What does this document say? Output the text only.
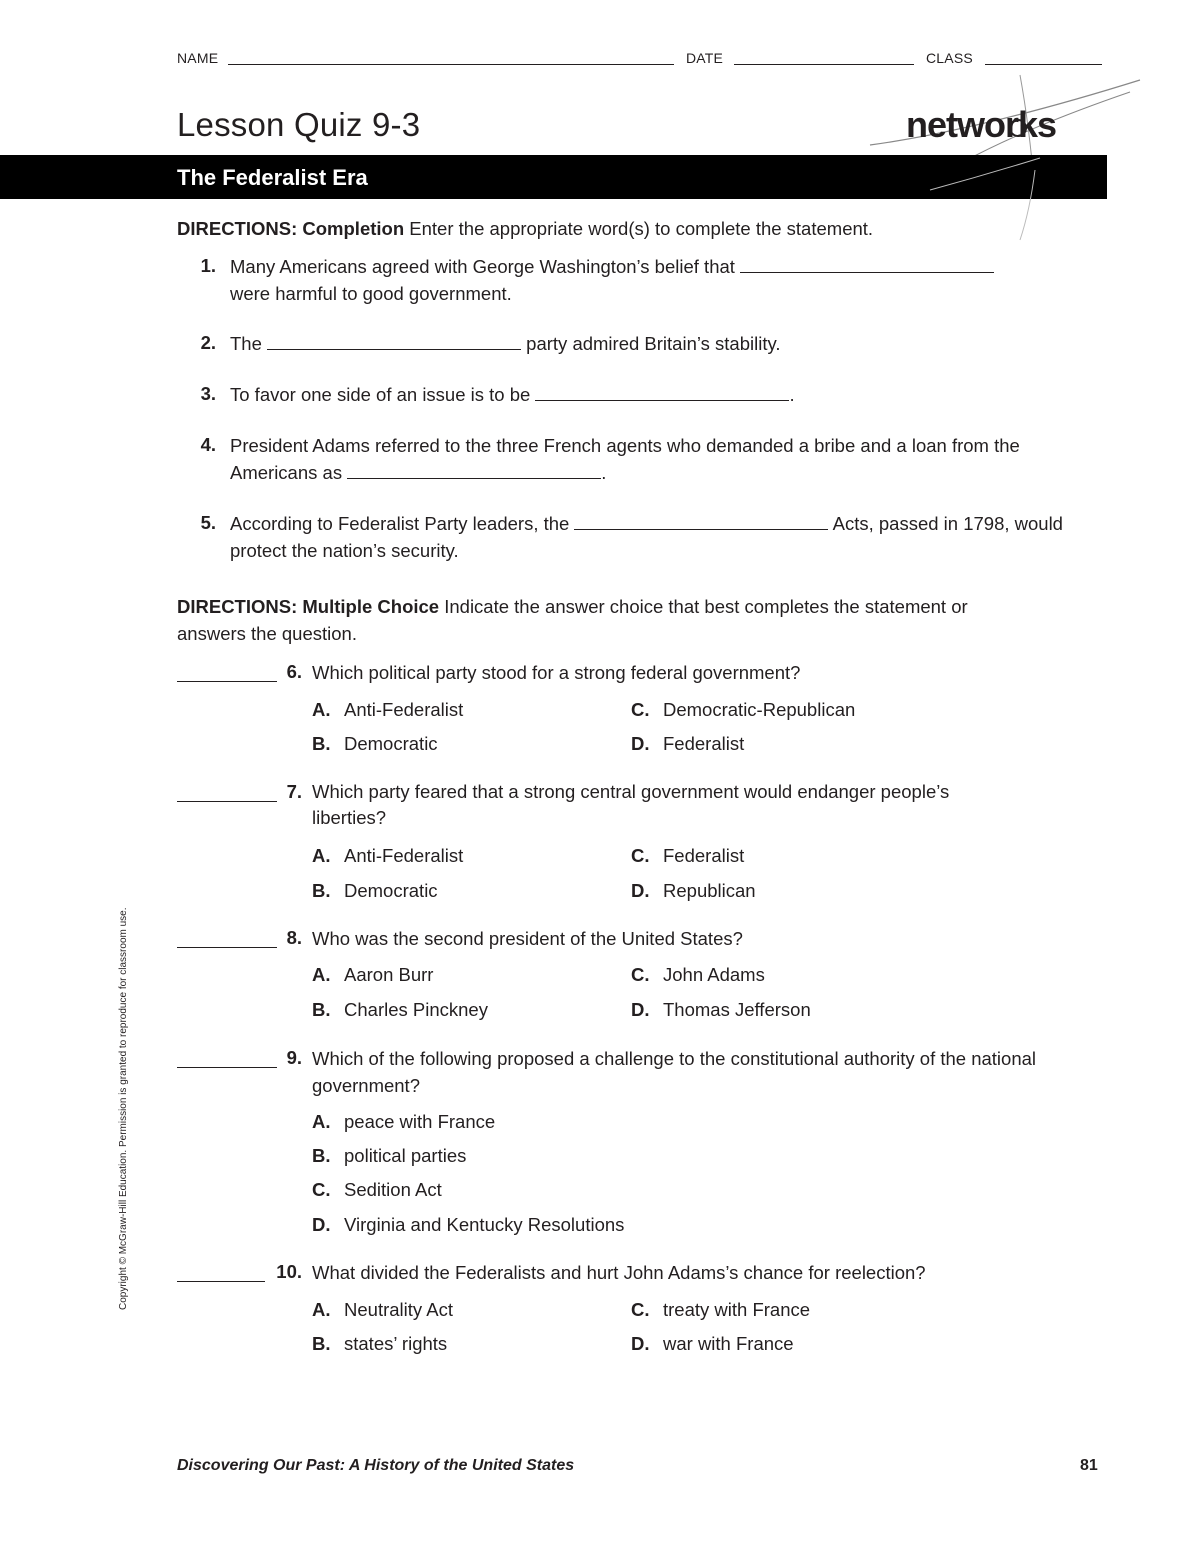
NAME	DATE	CLASS
Lesson Quiz 9-3	networks
The Federalist Era
DIRECTIONS: Completion Enter the appropriate word(s) to complete the statement.
1. Many Americans agreed with George Washington’s belief that
were harmful to good government.
2. The	party admired Britain’s stability.
3. To favor one side of an issue is to be	.
4. President Adams referred to the three French agents who demanded a bribe and a loan from the Americans as	.
5. According to Federalist Party leaders, the	Acts, passed in 1798, would protect the nation’s security.
DIRECTIONS: Multiple Choice Indicate the answer choice that best completes the statement or answers the question.
6. Which political party stood for a strong federal government?
A. Anti-Federalist
B. Democratic
C. Democratic-Republican
D. Federalist
7. Which party feared that a strong central government would endanger people’s liberties?
A. Anti-Federalist
B. Democratic
C. Federalist
D. Republican
8. Who was the second president of the United States?
A. Aaron Burr
B. Charles Pinckney
C. John Adams
D. Thomas Jefferson
9. Which of the following proposed a challenge to the constitutional authority of the national government?
A. peace with France
B. political parties
C. Sedition Act
D. Virginia and Kentucky Resolutions
10. What divided the Federalists and hurt John Adams’s chance for reelection?
A. Neutrality Act
B. states’ rights
C. treaty with France
D. war with France
Copyright © McGraw-Hill Education. Permission is granted to reproduce for classroom use.
Discovering Our Past: A History of the United States	81
